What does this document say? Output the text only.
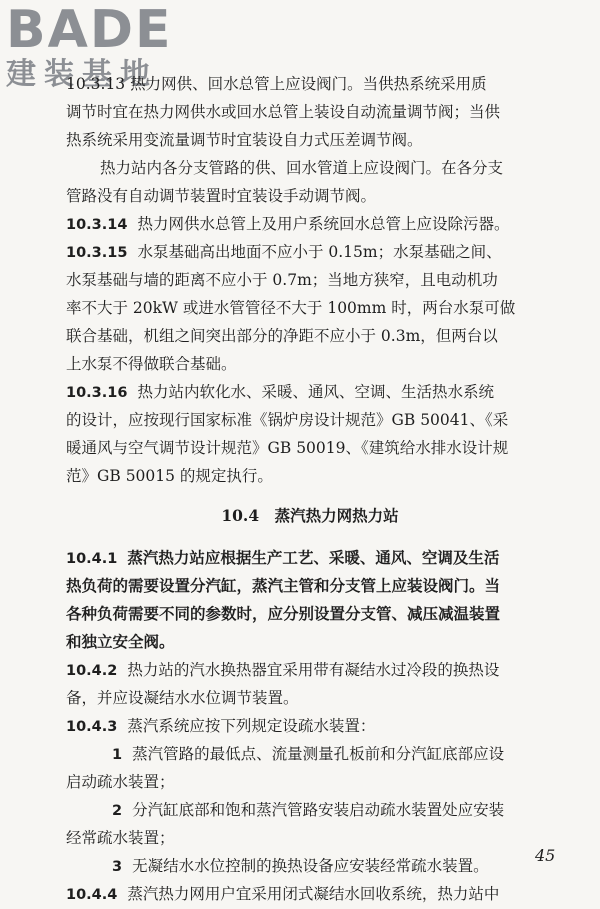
BADE
建装基地
10.3.13 热力网供、回水总管上应设阀门。当供热系统采用质
调节时宜在热力网供水或回水总管上装设自动流量调节阀；当供
热系统采用变流量调节时宜装设自力式压差调节阀。
热力站内各分支管路的供、回水管道上应设阀门。在各分支
管路没有自动调节装置时宜装设手动调节阀。
10.3.14 热力网供水总管上及用户系统回水总管上应设除污器。
10.3.15 水泵基础高出地面不应小于 0.15m；水泵基础之间、
水泵基础与墙的距离不应小于 0.7m；当地方狭窄，且电动机功
率不大于 20kW 或进水管管径不大于 100mm 时，两台水泵可做
联合基础，机组之间突出部分的净距不应小于 0.3m，但两台以
上水泵不得做联合基础。
10.3.16 热力站内软化水、采暖、通风、空调、生活热水系统
的设计，应按现行国家标准《锅炉房设计规范》GB 50041、《采
暖通风与空气调节设计规范》GB 50019、《建筑给水排水设计规
范》GB 50015 的规定执行。
10.4　蒸汽热力网热力站
10.4.1 蒸汽热力站应根据生产工艺、采暖、通风、空调及生活
热负荷的需要设置分汽缸，蒸汽主管和分支管上应装设阀门。当
各种负荷需要不同的参数时，应分别设置分支管、减压减温装置
和独立安全阀。
10.4.2 热力站的汽水换热器宜采用带有凝结水过冷段的换热设
备，并应设凝结水水位调节装置。
10.4.3 蒸汽系统应按下列规定设疏水装置：
1 蒸汽管路的最低点、流量测量孔板前和分汽缸底部应设
启动疏水装置；
2 分汽缸底部和饱和蒸汽管路安装启动疏水装置处应安装
经常疏水装置；
3 无凝结水水位控制的换热设备应安装经常疏水装置。
10.4.4 蒸汽热力网用户宜采用闭式凝结水回收系统，热力站中
45
